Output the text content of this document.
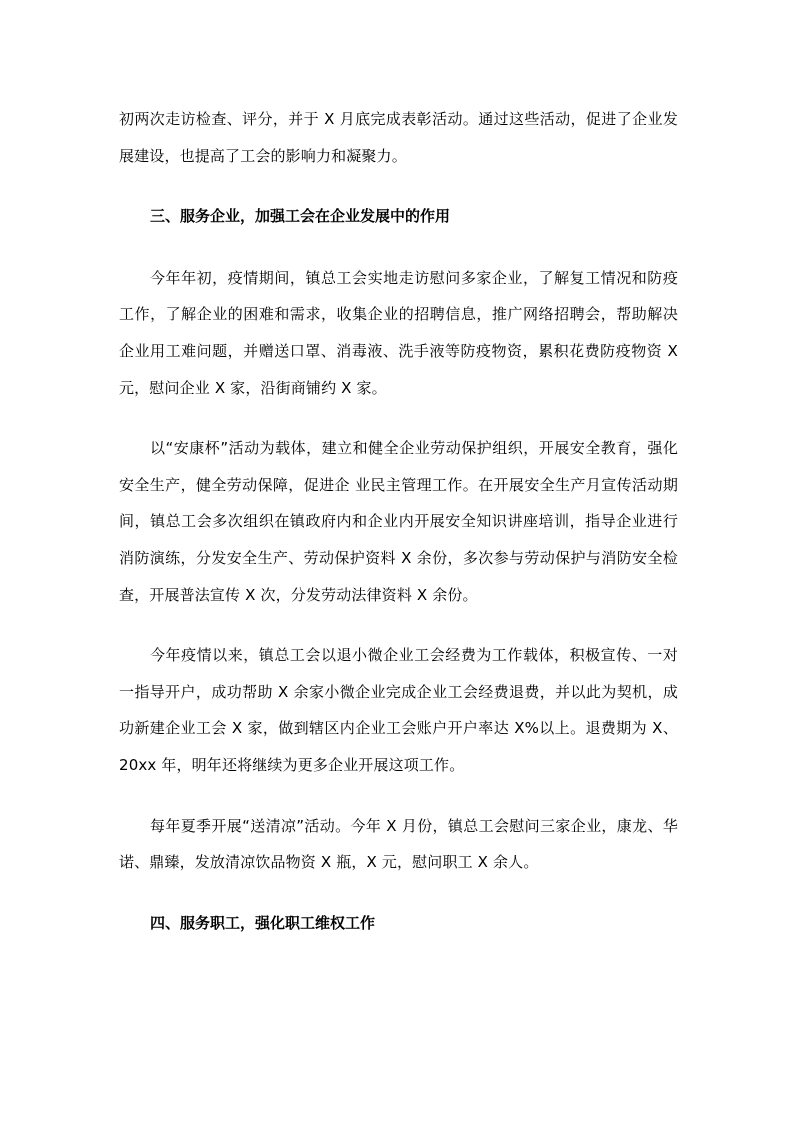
初两次走访检查、评分，并于 X 月底完成表彰活动。通过这些活动，促进了企业发展建设，也提高了工会的影响力和凝聚力。

三、服务企业，加强工会在企业发展中的作用

今年年初，疫情期间，镇总工会实地走访慰问多家企业，了解复工情况和防疫工作，了解企业的困难和需求，收集企业的招聘信息，推广网络招聘会，帮助解决企业用工难问题，并赠送口罩、消毒液、洗手液等防疫物资，累积花费防疫物资 X 元，慰问企业 X 家，沿街商铺约 X 家。

以“安康杯”活动为载体，建立和健全企业劳动保护组织，开展安全教育，强化安全生产，健全劳动保障，促进企 业民主管理工作。在开展安全生产月宣传活动期间，镇总工会多次组织在镇政府内和企业内开展安全知识讲座培训，指导企业进行消防演练，分发安全生产、劳动保护资料 X 余份，多次参与劳动保护与消防安全检查，开展普法宣传 X 次，分发劳动法律资料 X 余份。

今年疫情以来，镇总工会以退小微企业工会经费为工作载体，积极宣传、一对一指导开户，成功帮助 X 余家小微企业完成企业工会经费退费，并以此为契机，成功新建企业工会 X 家，做到辖区内企业工会账户开户率达 X%以上。退费期为 X、20xx 年，明年还将继续为更多企业开展这项工作。

每年夏季开展“送清凉”活动。今年 X 月份，镇总工会慰问三家企业，康龙、华诺、鼎臻，发放清凉饮品物资 X 瓶，X 元，慰问职工 X 余人。

四、服务职工，强化职工维权工作
